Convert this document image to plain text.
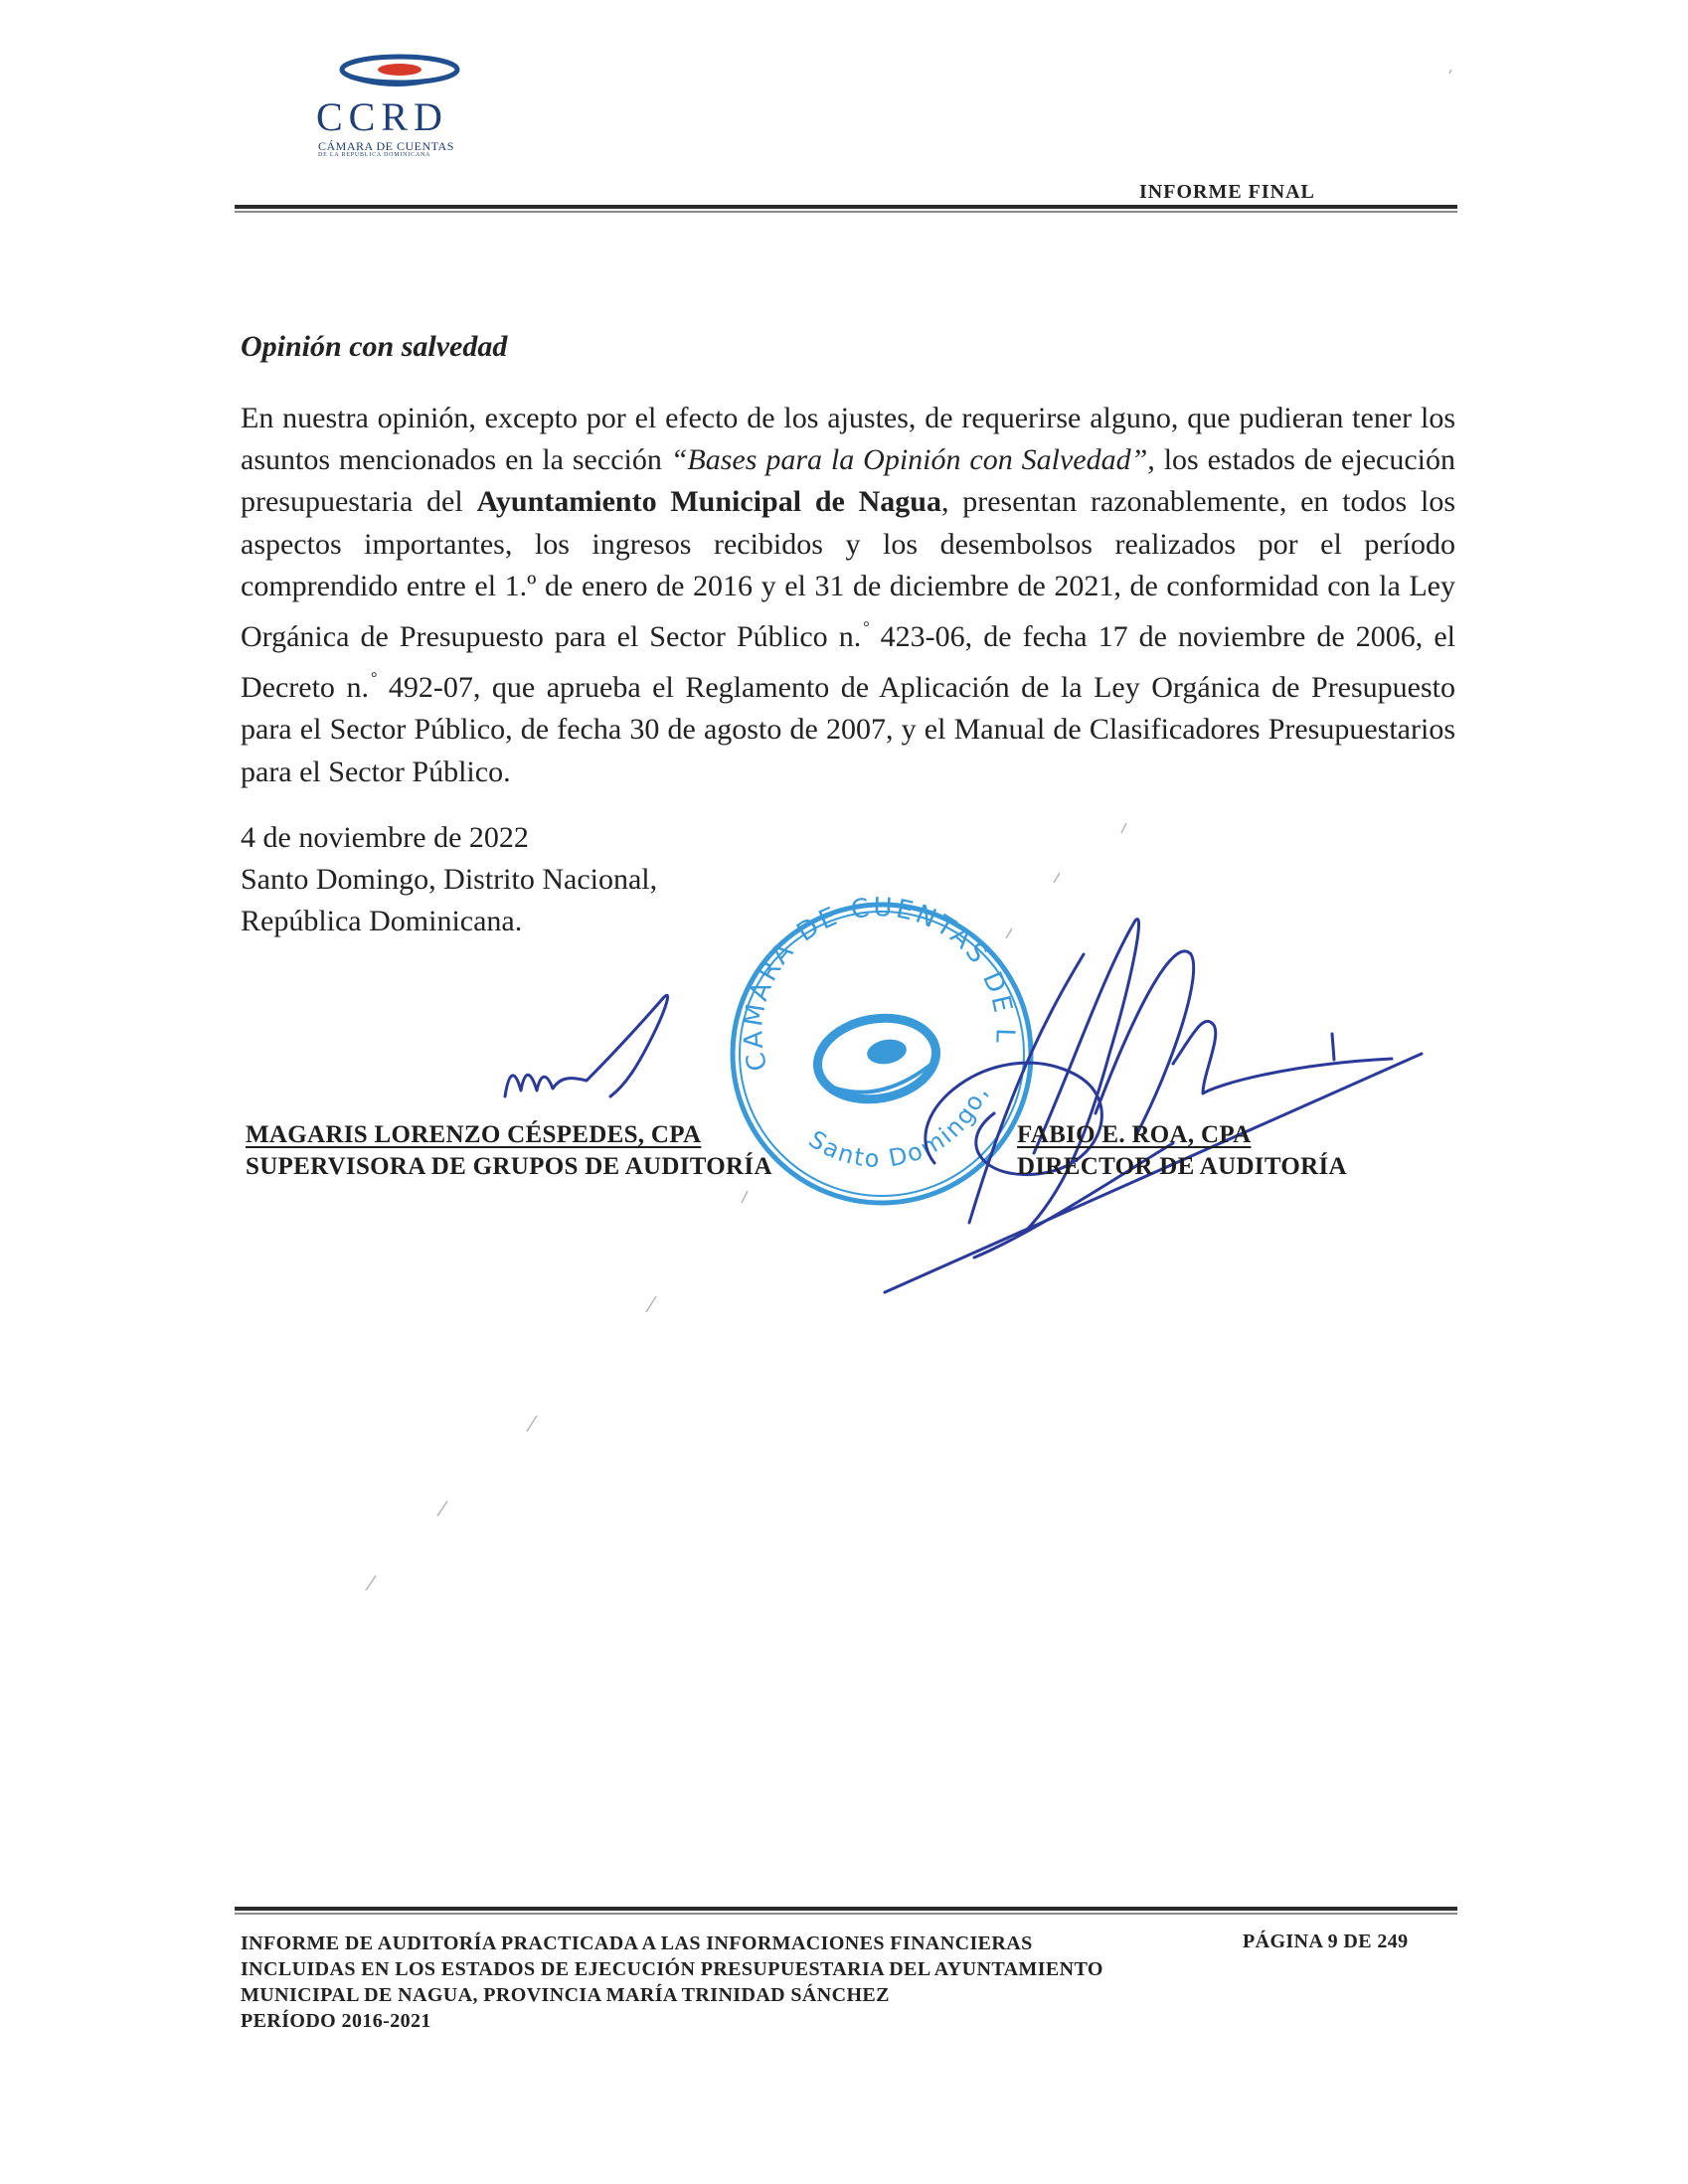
CCRD
CÁMARA DE CUENTAS
DE LA REPÚBLICA DOMINICANA
INFORME FINAL
Opinión con salvedad
En nuestra opinión, excepto por el efecto de los ajustes, de requerirse alguno, que pudieran tener los asuntos mencionados en la sección “Bases para la Opinión con Salvedad”, los estados de ejecución presupuestaria del Ayuntamiento Municipal de Nagua, presentan razonablemente, en todos los aspectos importantes, los ingresos recibidos y los desembolsos realizados por el período comprendido entre el 1.º de enero de 2016 y el 31 de diciembre de 2021, de conformidad con la Ley Orgánica de Presupuesto para el Sector Público n. ° 423-06, de fecha 17 de noviembre de 2006, el Decreto n. ° 492-07, que aprueba el Reglamento de Aplicación de la Ley Orgánica de Presupuesto para el Sector Público, de fecha 30 de agosto de 2007, y el Manual de Clasificadores Presupuestarios para el Sector Público.
4 de noviembre de 2022
Santo Domingo, Distrito Nacional,
República Dominicana.
CAMARA DE CUENTAS DE L
Santo Domingo,
MAGARIS LORENZO CÉSPEDES, CPA
SUPERVISORA DE GRUPOS DE AUDITORÍA
FABIO E. ROA, CPA
DIRECTOR DE AUDITORÍA
INFORME DE AUDITORÍA PRACTICADA A LAS INFORMACIONES FINANCIERAS
INCLUIDAS EN LOS ESTADOS DE EJECUCIÓN PRESUPUESTARIA DEL AYUNTAMIENTO
MUNICIPAL DE NAGUA, PROVINCIA MARÍA TRINIDAD SÁNCHEZ
PERÍODO 2016-2021
PÁGINA 9 DE 249
